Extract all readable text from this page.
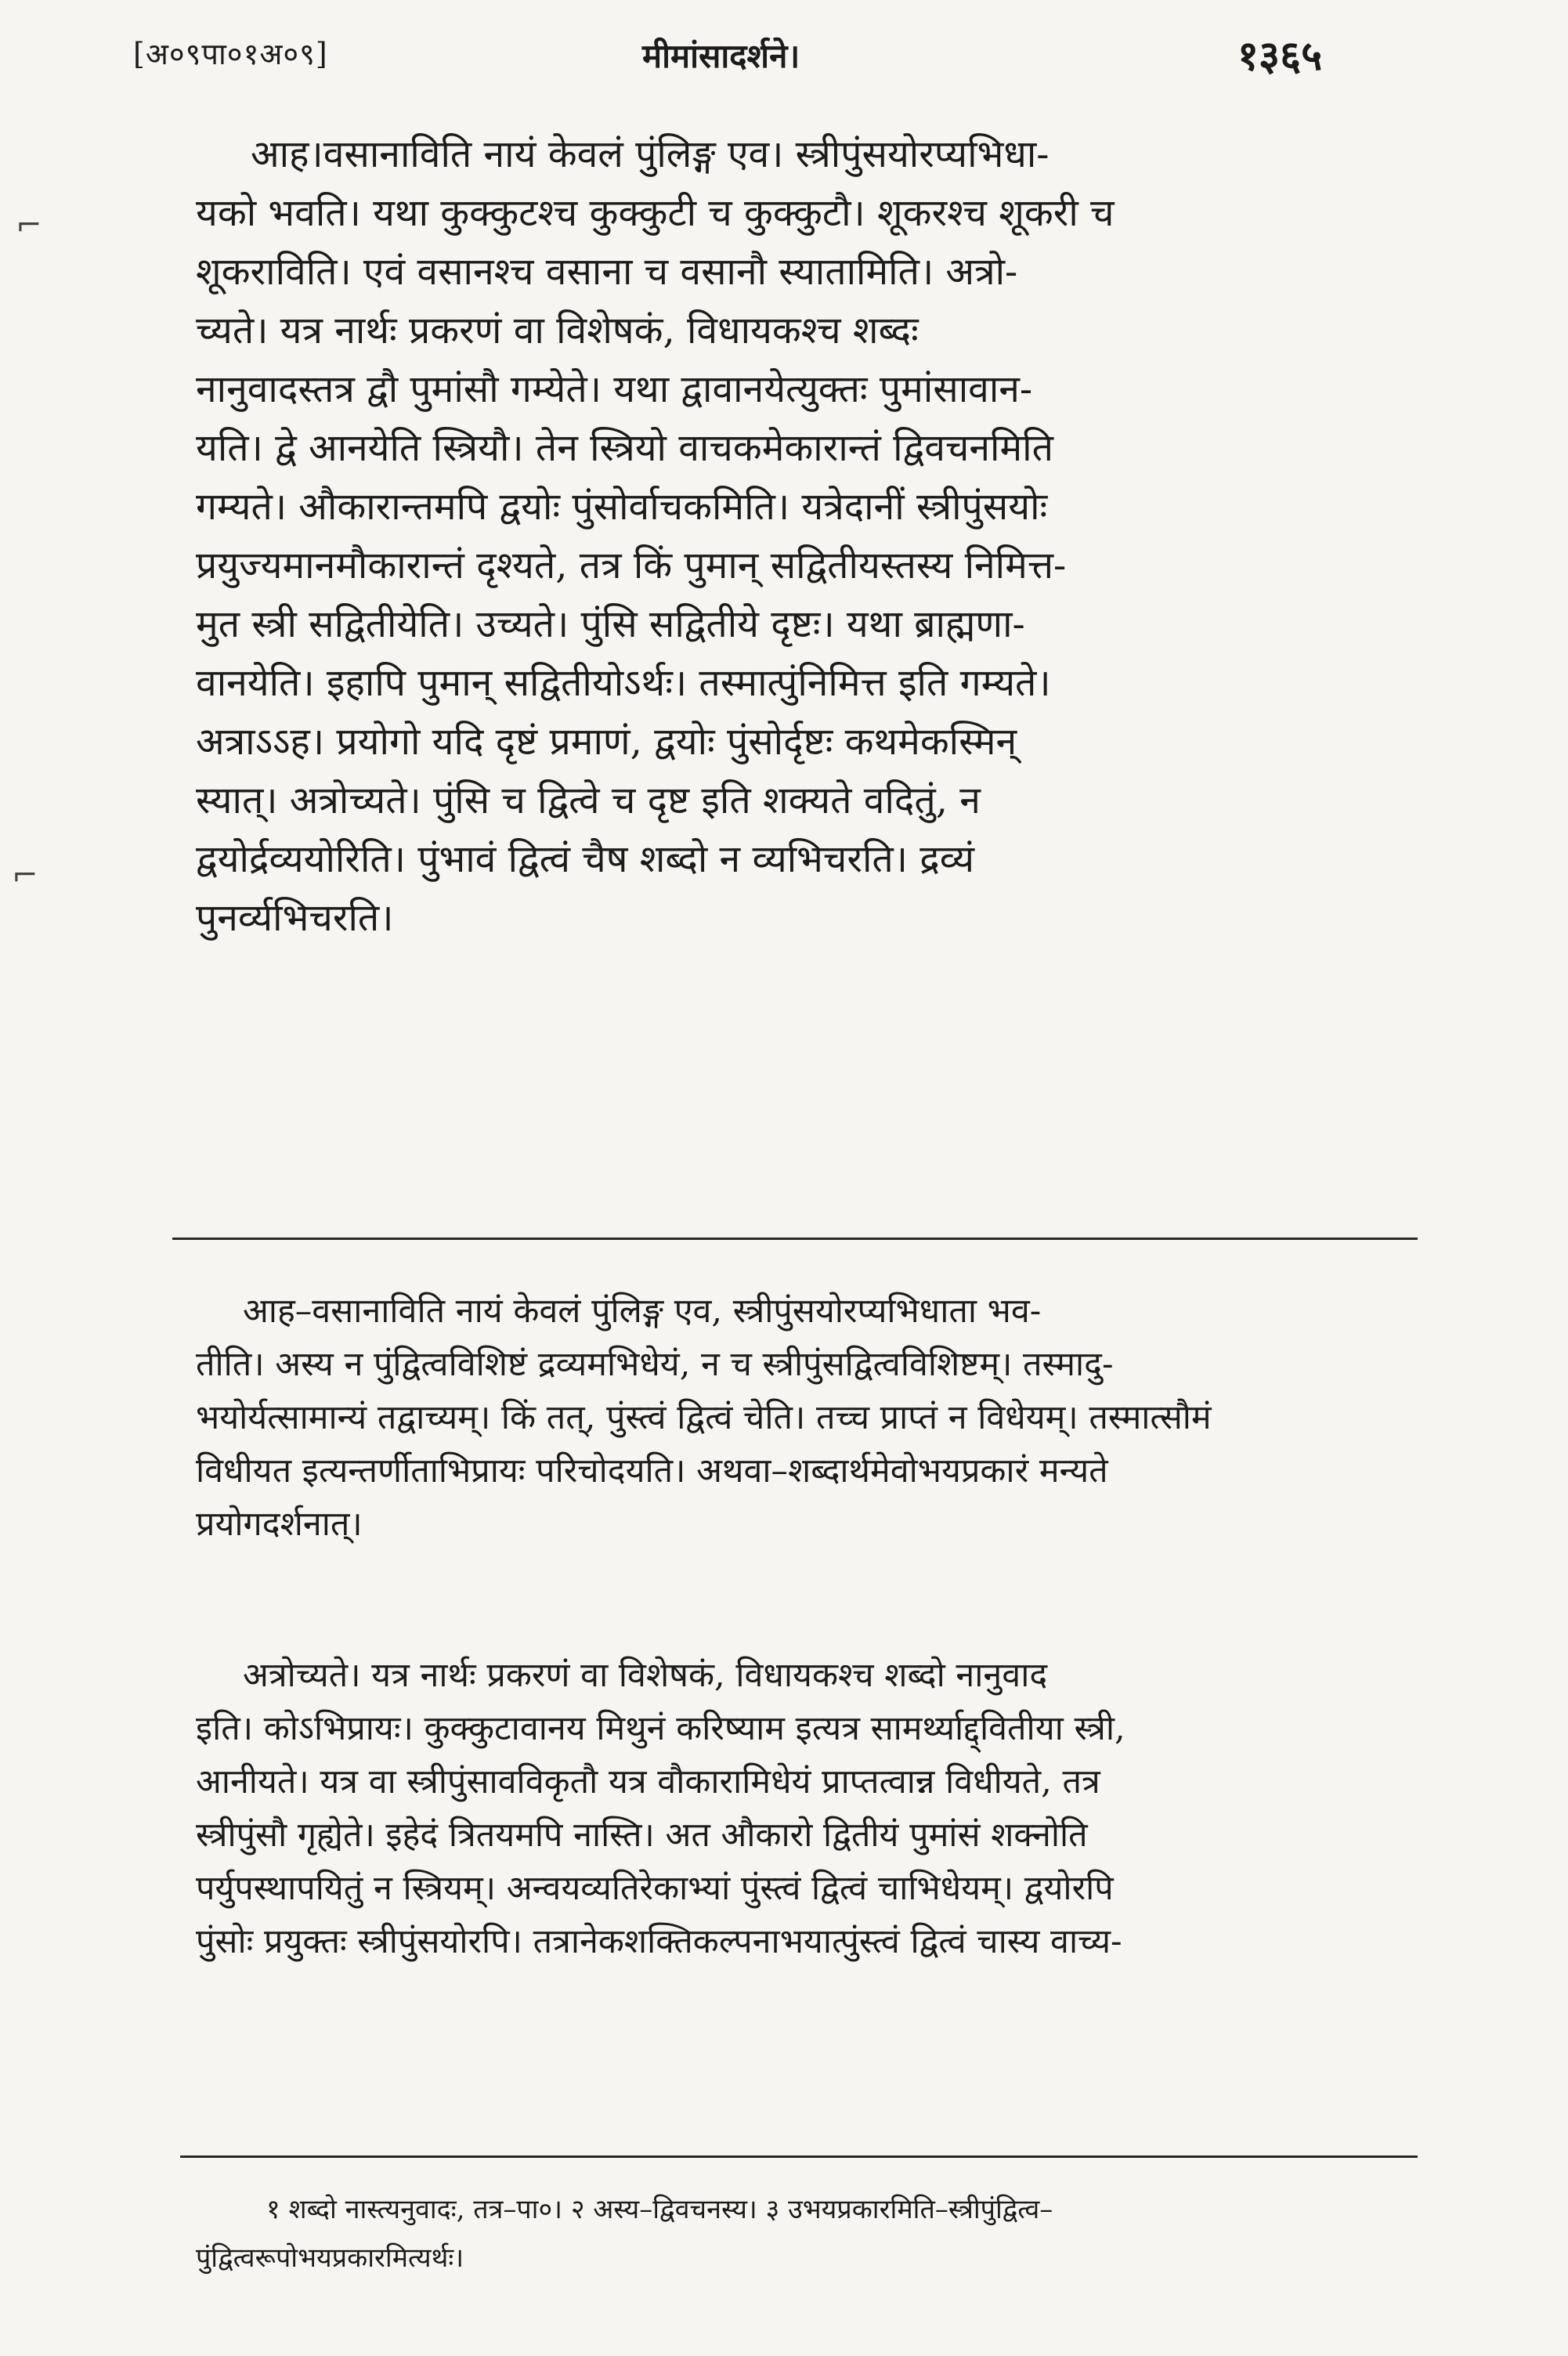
[अ०९पा०१अ०९]	मीमांसादर्शने।	१३६५
⌐
⌐
आह।वसानाविति नायं केवलं पुंलिङ्ग एव। स्त्रीपुंसयोरप्यभिधा-
यको भवति। यथा कुक्कुटश्च कुक्कुटी च कुक्कुटौ। शूकरश्च शूकरी च
शूकराविति। एवं वसानश्च वसाना च वसानौ स्यातामिति। अत्रो-
च्यते। यत्र नार्थः प्रकरणं वा विशेषकं, विधायकश्च शब्दः
नानुवादस्तत्र द्वौ पुमांसौ गम्येते। यथा द्वावानयेत्युक्तः पुमांसावान-
यति। द्वे आनयेति स्त्रियौ। तेन स्त्रियो वाचकमेकारान्तं द्विवचनमिति
गम्यते। औकारान्तमपि द्वयोः पुंसोर्वाचकमिति। यत्रेदानीं स्त्रीपुंसयोः
प्रयुज्यमानमौकारान्तं दृश्यते, तत्र किं पुमान् सद्वितीयस्तस्य निमित्त-
मुत स्त्री सद्वितीयेति। उच्यते। पुंसि सद्वितीये दृष्टः। यथा ब्राह्मणा-
वानयेति। इहापि पुमान् सद्वितीयोऽर्थः। तस्मात्पुंनिमित्त इति गम्यते।
अत्राऽऽह। प्रयोगो यदि दृष्टं प्रमाणं, द्वयोः पुंसोर्दृष्टः कथमेकस्मिन्
स्यात्। अत्रोच्यते। पुंसि च द्वित्वे च दृष्ट इति शक्यते वदितुं, न
द्वयोर्द्रव्ययोरिति। पुंभावं द्वित्वं चैष शब्दो न व्यभिचरति। द्रव्यं
पुनर्व्यभिचरति।
आह–वसानाविति नायं केवलं पुंलिङ्ग एव, स्त्रीपुंसयोरप्यभिधाता भव-
तीति। अस्य न पुंद्वित्वविशिष्टं द्रव्यमभिधेयं, न च स्त्रीपुंसद्वित्वविशिष्टम्। तस्मादु-
भयोर्यत्सामान्यं तद्वाच्यम्। किं तत्, पुंस्त्वं द्वित्वं चेति। तच्च प्राप्तं न विधेयम्। तस्मात्सौमं
विधीयत इत्यन्तर्णीताभिप्रायः परिचोदयति। अथवा–शब्दार्थमेवोभयप्रकारं मन्यते
प्रयोगदर्शनात्।
अत्रोच्यते। यत्र नार्थः प्रकरणं वा विशेषकं, विधायकश्च शब्दो नानुवाद
इति। कोऽभिप्रायः। कुक्कुटावानय मिथुनं करिष्याम इत्यत्र सामर्थ्याद्द्वितीया स्त्री,
आनीयते। यत्र वा स्त्रीपुंसावविकृतौ यत्र वौकारामिधेयं प्राप्तत्वान्न विधीयते, तत्र
स्त्रीपुंसौ गृह्येते। इहेदं त्रितयमपि नास्ति। अत औकारो द्वितीयं पुमांसं शक्नोति
पर्युपस्थापयितुं न स्त्रियम्। अन्वयव्यतिरेकाभ्यां पुंस्त्वं द्वित्वं चाभिधेयम्। द्वयोरपि
पुंसोः प्रयुक्तः स्त्रीपुंसयोरपि। तत्रानेकशक्तिकल्पनाभयात्पुंस्त्वं द्वित्वं चास्य वाच्य-
१ शब्दो नास्त्यनुवादः, तत्र–पा०। २ अस्य–द्विवचनस्य। ३ उभयप्रकारमिति–स्त्रीपुंद्वित्व–
पुंद्वित्वरूपोभयप्रकारमित्यर्थः।
